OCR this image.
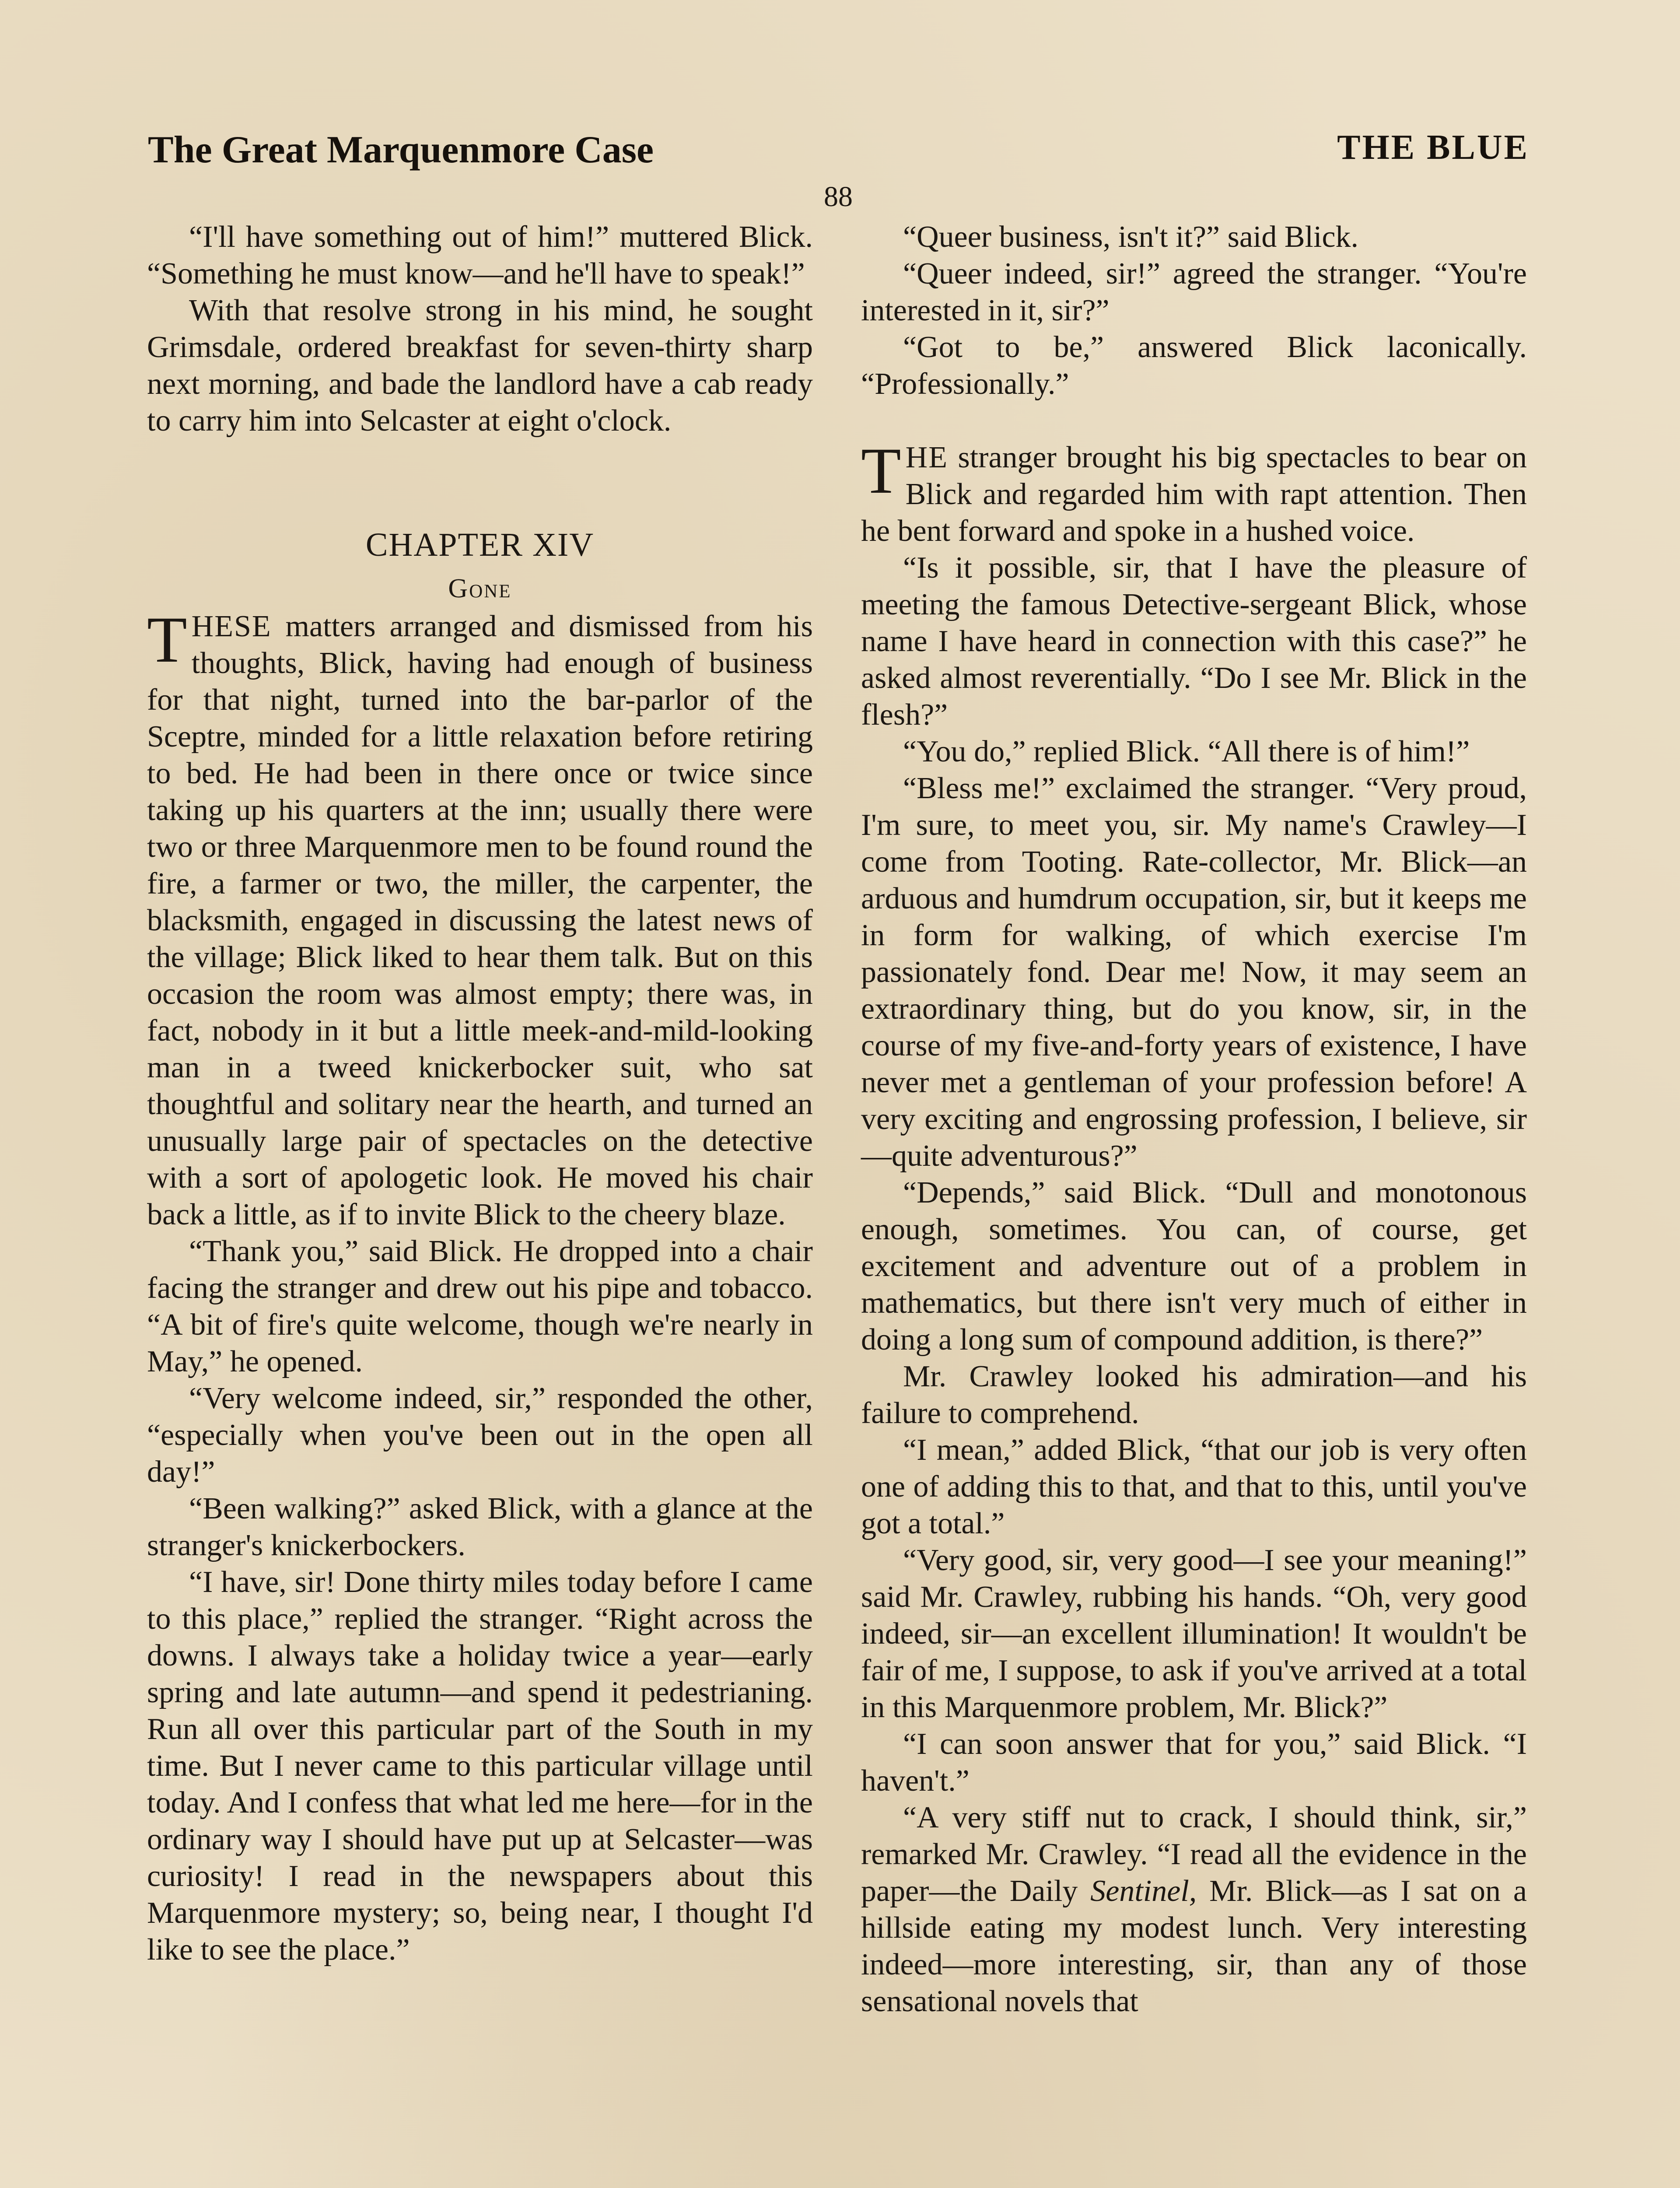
The Great Marquenmore Case	THE BLUE
88

“I'll have something out of him!” muttered Blick. “Something he must know—and he'll have to speak!”

With that resolve strong in his mind, he sought Grimsdale, ordered breakfast for seven-thirty sharp next morning, and bade the landlord have a cab ready to carry him into Selcaster at eight o'clock.

CHAPTER XIV

Gone

THESE matters arranged and dismissed from his thoughts, Blick, having had enough of business for that night, turned into the bar-parlor of the Sceptre, minded for a little relaxation before retiring to bed. He had been in there once or twice since taking up his quarters at the inn; usually there were two or three Marquenmore men to be found round the fire, a farmer or two, the miller, the carpenter, the blacksmith, engaged in discussing the latest news of the village; Blick liked to hear them talk. But on this occasion the room was almost empty; there was, in fact, nobody in it but a little meek-and-mild-looking man in a tweed knickerbocker suit, who sat thoughtful and solitary near the hearth, and turned an unusually large pair of spectacles on the detective with a sort of apologetic look. He moved his chair back a little, as if to invite Blick to the cheery blaze.

“Thank you,” said Blick. He dropped into a chair facing the stranger and drew out his pipe and tobacco. “A bit of fire's quite welcome, though we're nearly in May,” he opened.

“Very welcome indeed, sir,” responded the other, “especially when you've been out in the open all day!”

“Been walking?” asked Blick, with a glance at the stranger's knickerbockers.

“I have, sir! Done thirty miles today before I came to this place,” replied the stranger. “Right across the downs. I always take a holiday twice a year—early spring and late autumn—and spend it pedestrianing. Run all over this particular part of the South in my time. But I never came to this particular village until today. And I confess that what led me here—for in the ordinary way I should have put up at Selcaster—was curiosity! I read in the newspapers about this Marquenmore mystery; so, being near, I thought I'd like to see the place.”

“Queer business, isn't it?” said Blick.

“Queer indeed, sir!” agreed the stranger. “You're interested in it, sir?”

“Got to be,” answered Blick laconically. “Professionally.”

THE stranger brought his big spectacles to bear on Blick and regarded him with rapt attention. Then he bent forward and spoke in a hushed voice.

“Is it possible, sir, that I have the pleasure of meeting the famous Detective-sergeant Blick, whose name I have heard in connection with this case?” he asked almost reverentially. “Do I see Mr. Blick in the flesh?”

“You do,” replied Blick. “All there is of him!”

“Bless me!” exclaimed the stranger. “Very proud, I'm sure, to meet you, sir. My name's Crawley—I come from Tooting. Rate-collector, Mr. Blick—an arduous and humdrum occupation, sir, but it keeps me in form for walking, of which exercise I'm passionately fond. Dear me! Now, it may seem an extraordinary thing, but do you know, sir, in the course of my five-and-forty years of existence, I have never met a gentleman of your profession before! A very exciting and engrossing profession, I believe, sir—quite adventurous?”

“Depends,” said Blick. “Dull and monotonous enough, sometimes. You can, of course, get excitement and adventure out of a problem in mathematics, but there isn't very much of either in doing a long sum of compound addition, is there?”

Mr. Crawley looked his admiration—and his failure to comprehend.

“I mean,” added Blick, “that our job is very often one of adding this to that, and that to this, until you've got a total.”

“Very good, sir, very good—I see your meaning!” said Mr. Crawley, rubbing his hands. “Oh, very good indeed, sir—an excellent illumination! It wouldn't be fair of me, I suppose, to ask if you've arrived at a total in this Marquenmore problem, Mr. Blick?”

“I can soon answer that for you,” said Blick. “I haven't.”

“A very stiff nut to crack, I should think, sir,” remarked Mr. Crawley. “I read all the evidence in the paper—the Daily Sentinel, Mr. Blick—as I sat on a hillside eating my modest lunch. Very interesting indeed—more interesting, sir, than any of those sensational novels that
